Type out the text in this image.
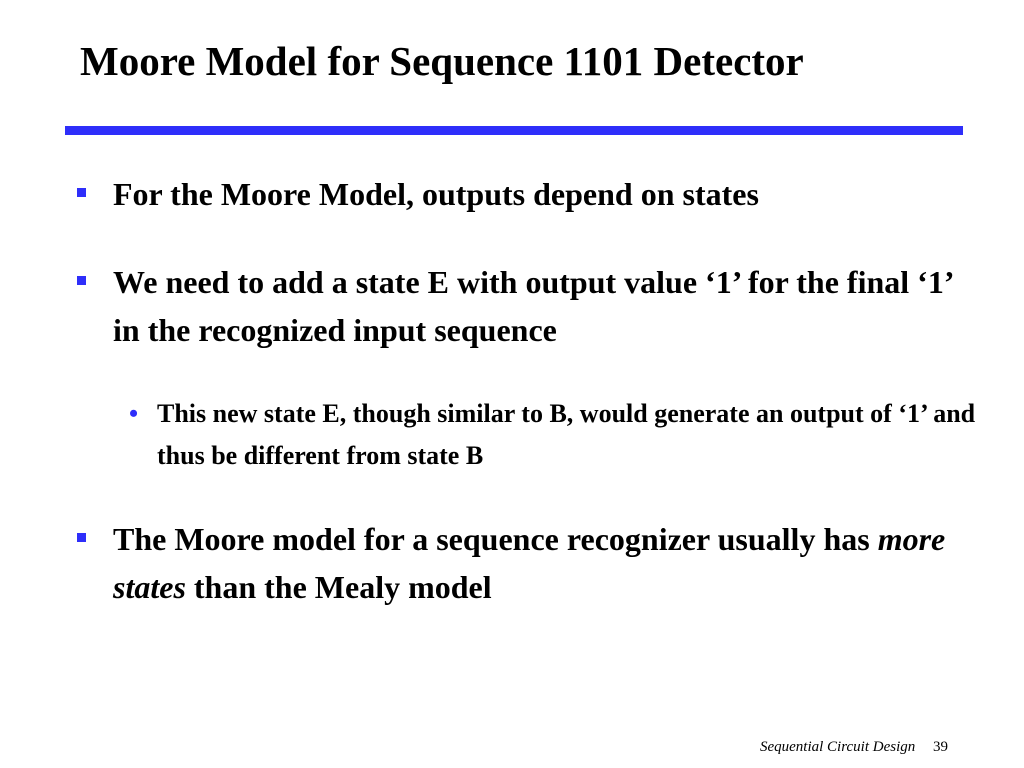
Moore Model for Sequence 1101 Detector
For the Moore Model, outputs depend on states
We need to add a state E with output value ‘1’ for the final ‘1’ in the recognized input sequence
• This new state E, though similar to B, would generate an output of ‘1’ and thus be different from state B
The Moore model for a sequence recognizer usually has more states than the Mealy model
Sequential Circuit Design 39
